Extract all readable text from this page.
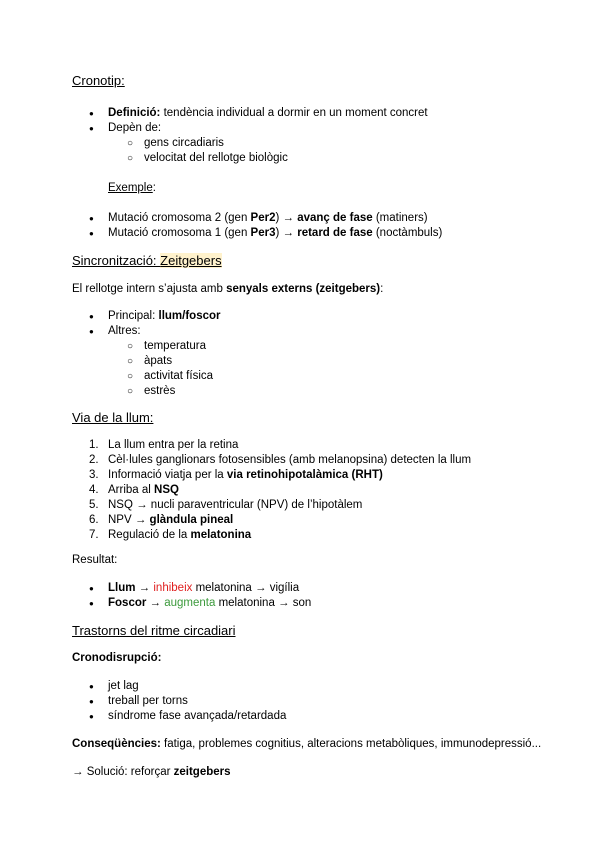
Cronotip:

● Definició: tendència individual a dormir en un moment concret
● Depèn de:
○ gens circadiaris
○ velocitat del rellotge biològic
Exemple:
● Mutació cromosoma 2 (gen Per2) → avanç de fase (matiners)
● Mutació cromosoma 1 (gen Per3) → retard de fase (noctàmbuls)

Sincronització: Zeitgebers

El rellotge intern s’ajusta amb senyals externs (zeitgebers):

● Principal: llum/foscor
● Altres:
○ temperatura
○ àpats
○ activitat física
○ estrès

Via de la llum:

1. La llum entra per la retina
2. Cèl·lules ganglionars fotosensibles (amb melanopsina) detecten la llum
3. Informació viatja per la via retinohipotalàmica (RHT)
4. Arriba al NSQ
5. NSQ → nucli paraventricular (NPV) de l’hipotàlem
6. NPV → glàndula pineal
7. Regulació de la melatonina

Resultat:

● Llum → inhibeix melatonina → vigília
● Foscor → augmenta melatonina → son

Trastorns del ritme circadiari

Cronodisrupció:

● jet lag
● treball per torns
● síndrome fase avançada/retardada

Conseqüències: fatiga, problemes cognitius, alteracions metabòliques, immunodepressió...

→ Solució: reforçar zeitgebers
